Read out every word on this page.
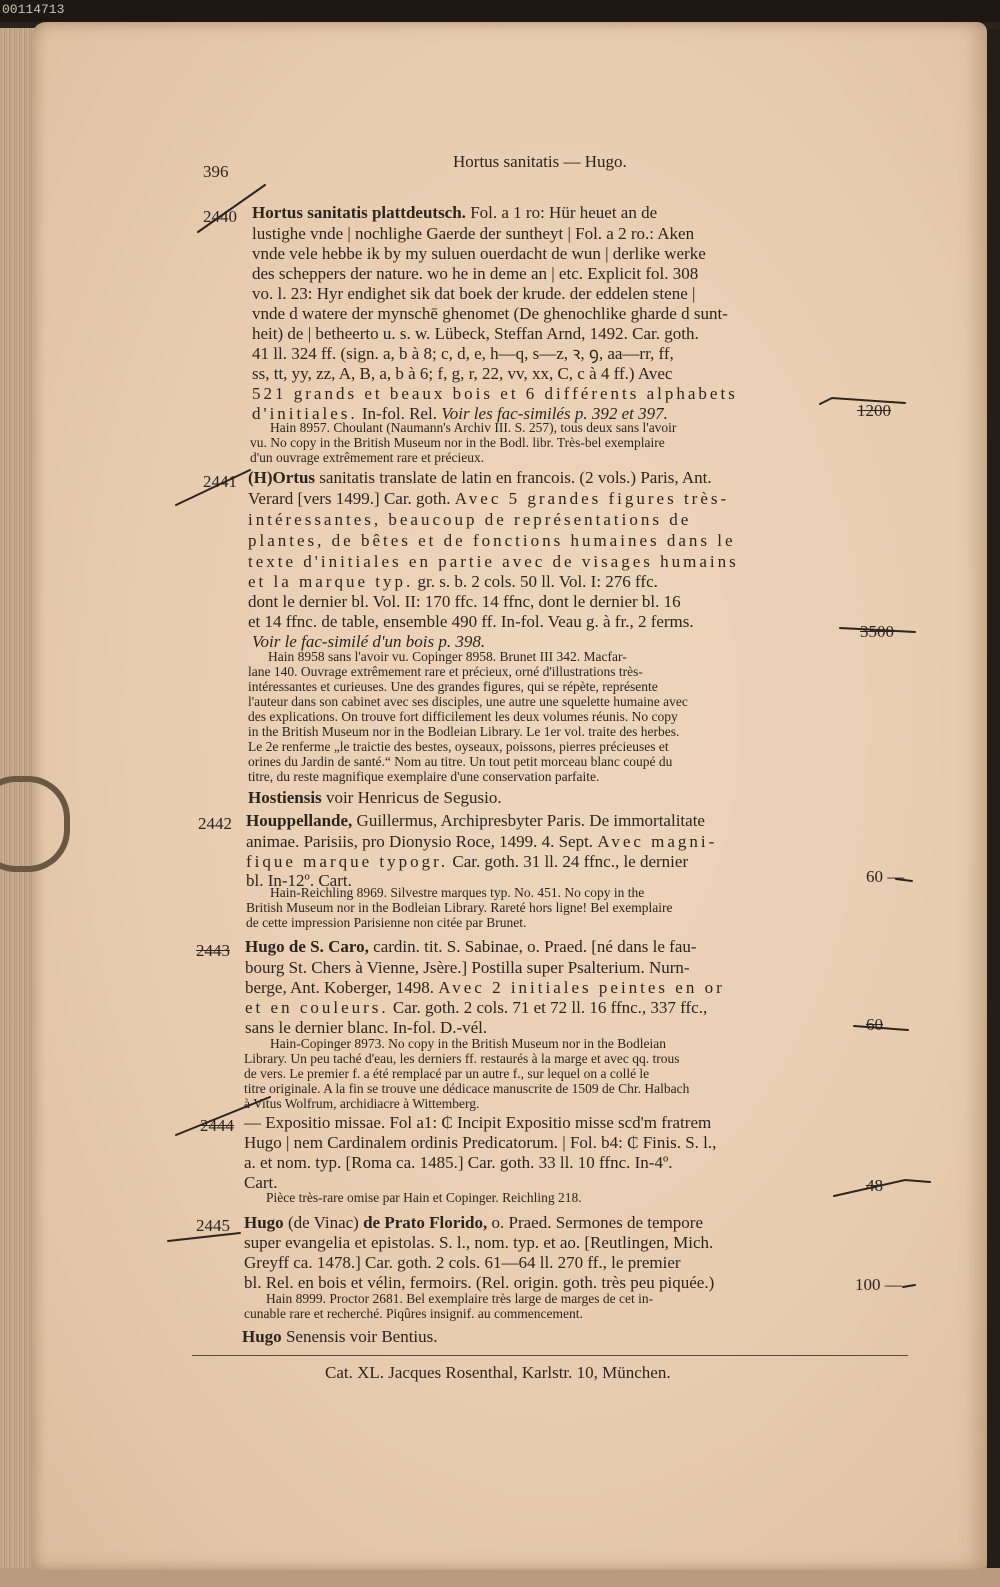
00114713
396
Hortus sanitatis — Hugo.
2440 Hortus sanitatis plattdeutsch. Fol. a 1 ro: Hür heuet an de
lustighe vnde | nochlighe Gaerde der suntheyt | Fol. a 2 ro.: Aken
vnde vele hebbe ik by my suluen ouerdacht de wun | derlike werke
des scheppers der nature. wo he in deme an | etc. Explicit fol. 308
vo. l. 23: Hyr endighet sik dat boek der krude. der eddelen stene |
vnde d watere der mynschē ghenomet (De ghenochlike gharde d sunt-
heit) de | betheerto u. s. w. Lübeck, Steffan Arnd, 1492. Car. goth.
41 ll. 324 ff. (sign. a, b à 8; c, d, e, h—q, s—z, ꝛ, ꝯ, aa—rr, ff,
ss, tt, yy, zz, A, B, a, b à 6; f, g, r, 22, vv, xx, C, c à 4 ff.) Avec
521 grands et beaux bois et 6 différents alphabets
d'initiales. In-fol. Rel. Voir les fac-similés p. 392 et 397.
Hain 8957. Choulant (Naumann's Archiv III. S. 257), tous deux sans l'avoir
vu. No copy in the British Museum nor in the Bodl. libr. Très-bel exemplaire
d'un ouvrage extrêmement rare et précieux.
1200
2441 (H)Ortus sanitatis translate de latin en francois. (2 vols.) Paris, Ant.
Verard [vers 1499.] Car. goth. Avec 5 grandes figures très-
intéressantes, beaucoup de représentations de
plantes, de bêtes et de fonctions humaines dans le
texte d'initiales en partie avec de visages humains
et la marque typ. gr. s. b. 2 cols. 50 ll. Vol. I: 276 ffc.
dont le dernier bl. Vol. II: 170 ffc. 14 ffnc, dont le dernier bl. 16
et 14 ffnc. de table, ensemble 490 ff. In-fol. Veau g. à fr., 2 ferms.
Voir le fac-similé d'un bois p. 398.
Hain 8958 sans l'avoir vu. Copinger 8958. Brunet III 342. Macfar-
lane 140. Ouvrage extrêmement rare et précieux, orné d'illustrations très-
intéressantes et curieuses. Une des grandes figures, qui se répète, représente
l'auteur dans son cabinet avec ses disciples, une autre une squelette humaine avec
des explications. On trouve fort difficilement les deux volumes réunis. No copy
in the British Museum nor in the Bodleian Library. Le 1er vol. traite des herbes.
Le 2e renferme „le traictie des bestes, oyseaux, poissons, pierres précieuses et
orines du Jardin de santé.“ Nom au titre. Un tout petit morceau blanc coupé du
titre, du reste magnifique exemplaire d'une conservation parfaite.
3500
Hostiensis voir Henricus de Segusio.
2442 Houppellande, Guillermus, Archipresbyter Paris. De immortalitate
animae. Parisiis, pro Dionysio Roce, 1499. 4. Sept. Avec magni-
fique marque typogr. Car. goth. 31 ll. 24 ffnc., le dernier
bl. In-12º. Cart.
Hain-Reichling 8969. Silvestre marques typ. No. 451. No copy in the
British Museum nor in the Bodleian Library. Rareté hors ligne! Bel exemplaire
de cette impression Parisienne non citée par Brunet.
60 —
2443 Hugo de S. Caro, cardin. tit. S. Sabinae, o. Praed. [né dans le fau-
bourg St. Chers à Vienne, Jsère.] Postilla super Psalterium. Nurn-
berge, Ant. Koberger, 1498. Avec 2 initiales peintes en or
et en couleurs. Car. goth. 2 cols. 71 et 72 ll. 16 ffnc., 337 ffc.,
sans le dernier blanc. In-fol. D.-vél.
Hain-Copinger 8973. No copy in the British Museum nor in the Bodleian
Library. Un peu taché d'eau, les derniers ff. restaurés à la marge et avec qq. trous
de vers. Le premier f. a été remplacé par un autre f., sur lequel on a collé le
titre originale. A la fin se trouve une dédicace manuscrite de 1509 de Chr. Halbach
à Vitus Wolfrum, archidiacre à Wittemberg.
60
2444 — Expositio missae. Fol a1: ₵ Incipit Expositio misse scd'm fratrem
Hugo | nem Cardinalem ordinis Predicatorum. | Fol. b4: ₵ Finis. S. l.,
a. et nom. typ. [Roma ca. 1485.] Car. goth. 33 ll. 10 ffnc. In-4º.
Cart.
Pièce très-rare omise par Hain et Copinger. Reichling 218.
48
2445 Hugo (de Vinac) de Prato Florido, o. Praed. Sermones de tempore
super evangelia et epistolas. S. l., nom. typ. et ao. [Reutlingen, Mich.
Greyff ca. 1478.] Car. goth. 2 cols. 61—64 ll. 270 ff., le premier
bl. Rel. en bois et vélin, fermoirs. (Rel. origin. goth. très peu piquée.)
Hain 8999. Proctor 2681. Bel exemplaire très large de marges de cet in-
cunable rare et recherché. Piqûres insignif. au commencement.
100 —
Hugo Senensis voir Bentius.
Cat. XL. Jacques Rosenthal, Karlstr. 10, München.
